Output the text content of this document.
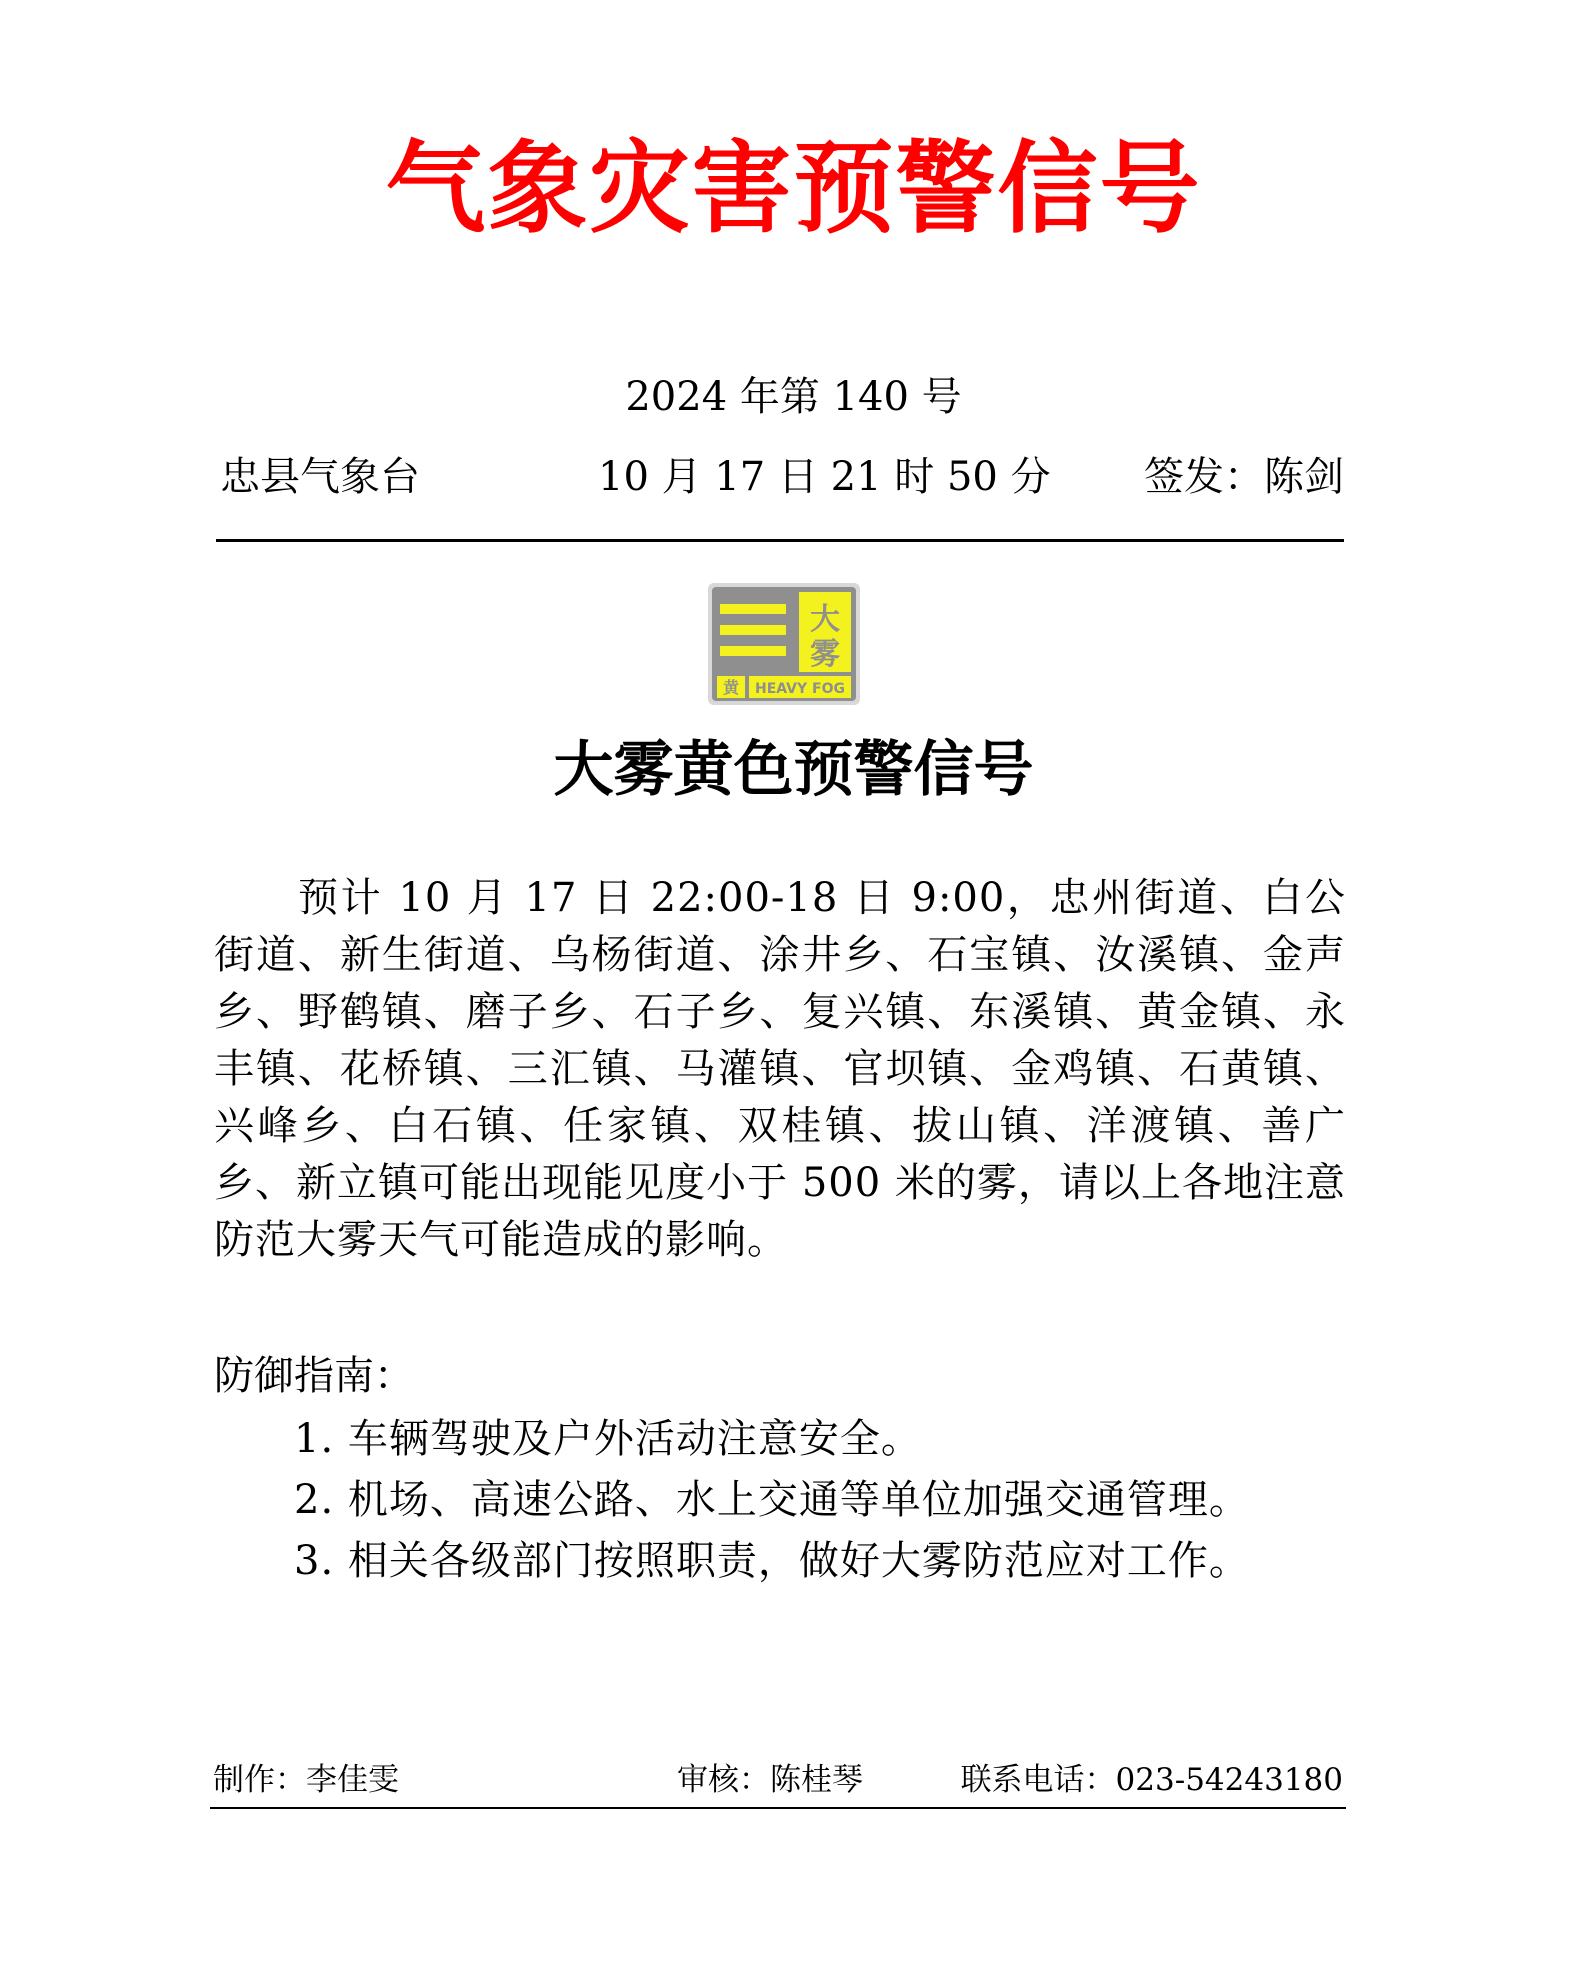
气象灾害预警信号
2024 年第 140 号
忠县气象台	10 月 17 日 21 时 50 分 签发：陈剑
大
雾
黄 HEAVY FOG
大雾黄色预警信号

预计 10 月 17 日 22:00-18 日 9:00，忠州街道、白公街道、新生街道、乌杨街道、涂井乡、石宝镇、汝溪镇、金声乡、野鹤镇、磨子乡、石子乡、复兴镇、东溪镇、黄金镇、永丰镇、花桥镇、三汇镇、马灌镇、官坝镇、金鸡镇、石黄镇、兴峰乡、白石镇、任家镇、双桂镇、拔山镇、洋渡镇、善广乡、新立镇可能出现能见度小于 500 米的雾，请以上各地注意防范大雾天气可能造成的影响。

防御指南：
1. 车辆驾驶及户外活动注意安全。
2. 机场、高速公路、水上交通等单位加强交通管理。
3. 相关各级部门按照职责，做好大雾防范应对工作。
制作：李佳雯	审核：陈桂琴	联系电话：023-54243180
